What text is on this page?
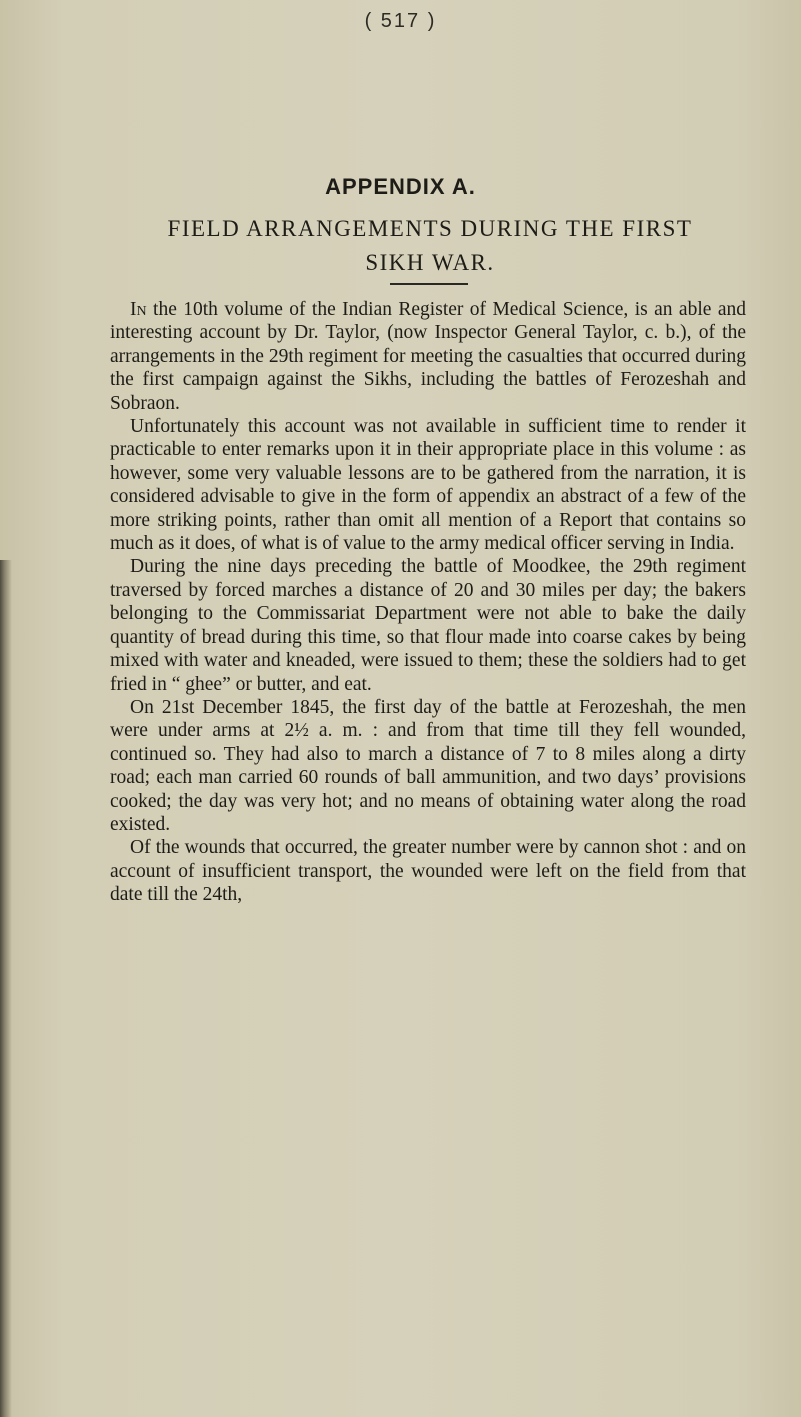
( 517 )
APPENDIX A.
FIELD ARRANGEMENTS DURING THE FIRST
SIKH WAR.

In the 10th volume of the Indian Register of Medical Science, is an able and interesting account by Dr. Taylor, (now Inspector General Taylor, c. b.), of the arrangements in the 29th regiment for meeting the casualties that occurred during the first campaign against the Sikhs, including the battles of Ferozeshah and Sobraon.

Unfortunately this account was not available in sufficient time to render it practicable to enter remarks upon it in their appropriate place in this volume : as however, some very valuable lessons are to be gathered from the narration, it is considered advisable to give in the form of appendix an abstract of a few of the more striking points, rather than omit all mention of a Report that contains so much as it does, of what is of value to the army medical officer serving in India.

During the nine days preceding the battle of Moodkee, the 29th regiment traversed by forced marches a distance of 20 and 30 miles per day; the bakers belonging to the Commissariat Department were not able to bake the daily quantity of bread during this time, so that flour made into coarse cakes by being mixed with water and kneaded, were issued to them; these the soldiers had to get fried in “ ghee” or butter, and eat.

On 21st December 1845, the first day of the battle at Ferozeshah, the men were under arms at 2½ a. m. : and from that time till they fell wounded, continued so. They had also to march a distance of 7 to 8 miles along a dirty road; each man carried 60 rounds of ball ammunition, and two days’ provisions cooked; the day was very hot; and no means of obtaining water along the road existed.

Of the wounds that occurred, the greater number were by cannon shot : and on account of insufficient transport, the wounded were left on the field from that date till the 24th,
